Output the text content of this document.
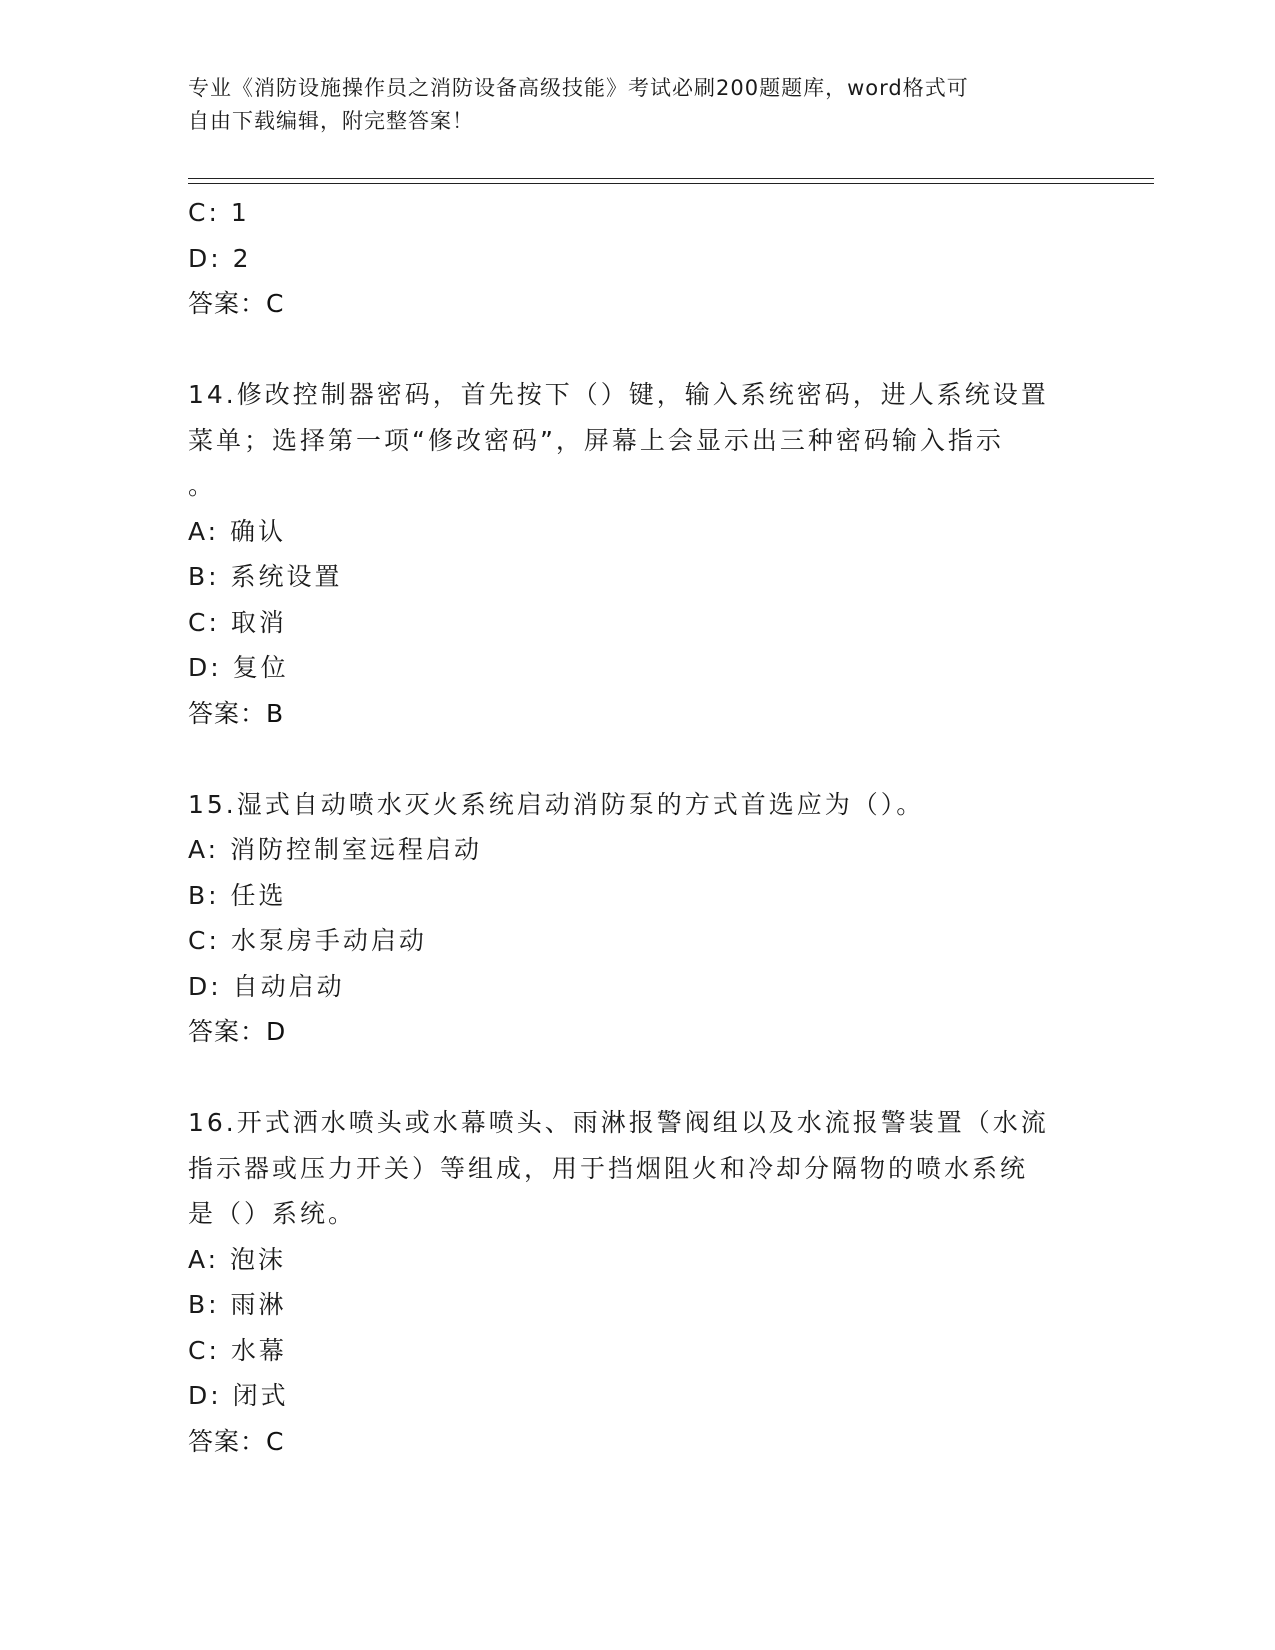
专业《消防设施操作员之消防设备高级技能》考试必刷200题题库，word格式可
自由下载编辑，附完整答案！
C: 1
D: 2
答案：C
14.修改控制器密码，首先按下（）键，输入系统密码，进人系统设置
菜单；选择第一项“修改密码”，屏幕上会显示出三种密码输入指示
。
A: 确认
B: 系统设置
C: 取消
D: 复位
答案：B
15.湿式自动喷水灭火系统启动消防泵的方式首选应为（）。
A: 消防控制室远程启动
B: 任选
C: 水泵房手动启动
D: 自动启动
答案：D
16.开式洒水喷头或水幕喷头、雨淋报警阀组以及水流报警装置（水流
指示器或压力开关）等组成，用于挡烟阻火和冷却分隔物的喷水系统
是（）系统。
A: 泡沫
B: 雨淋
C: 水幕
D: 闭式
答案：C
